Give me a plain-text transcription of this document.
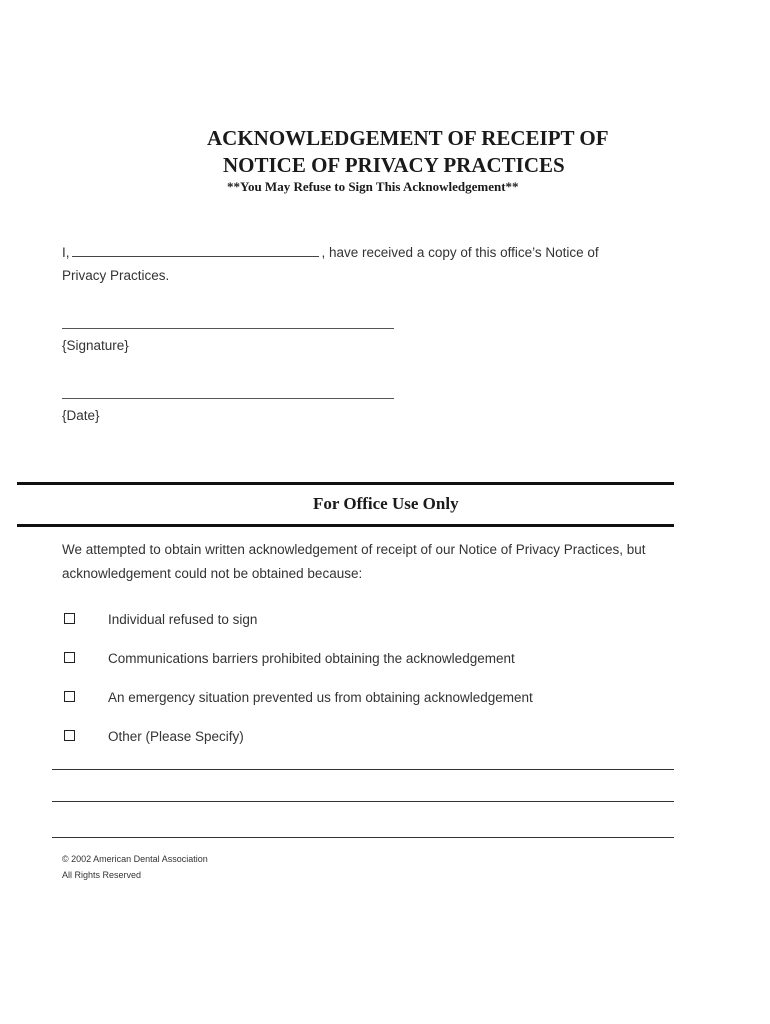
ACKNOWLEDGEMENT OF RECEIPT OF
NOTICE OF PRIVACY PRACTICES
**You May Refuse to Sign This Acknowledgement**
I,	, have received a copy of this office’s Notice of
Privacy Practices.
{Signature}
{Date}
For Office Use Only
We attempted to obtain written acknowledgement of receipt of our Notice of Privacy Practices, but
acknowledgement could not be obtained because:
Individual refused to sign
Communications barriers prohibited obtaining the acknowledgement
An emergency situation prevented us from obtaining acknowledgement
Other (Please Specify)
© 2002 American Dental Association
All Rights Reserved
